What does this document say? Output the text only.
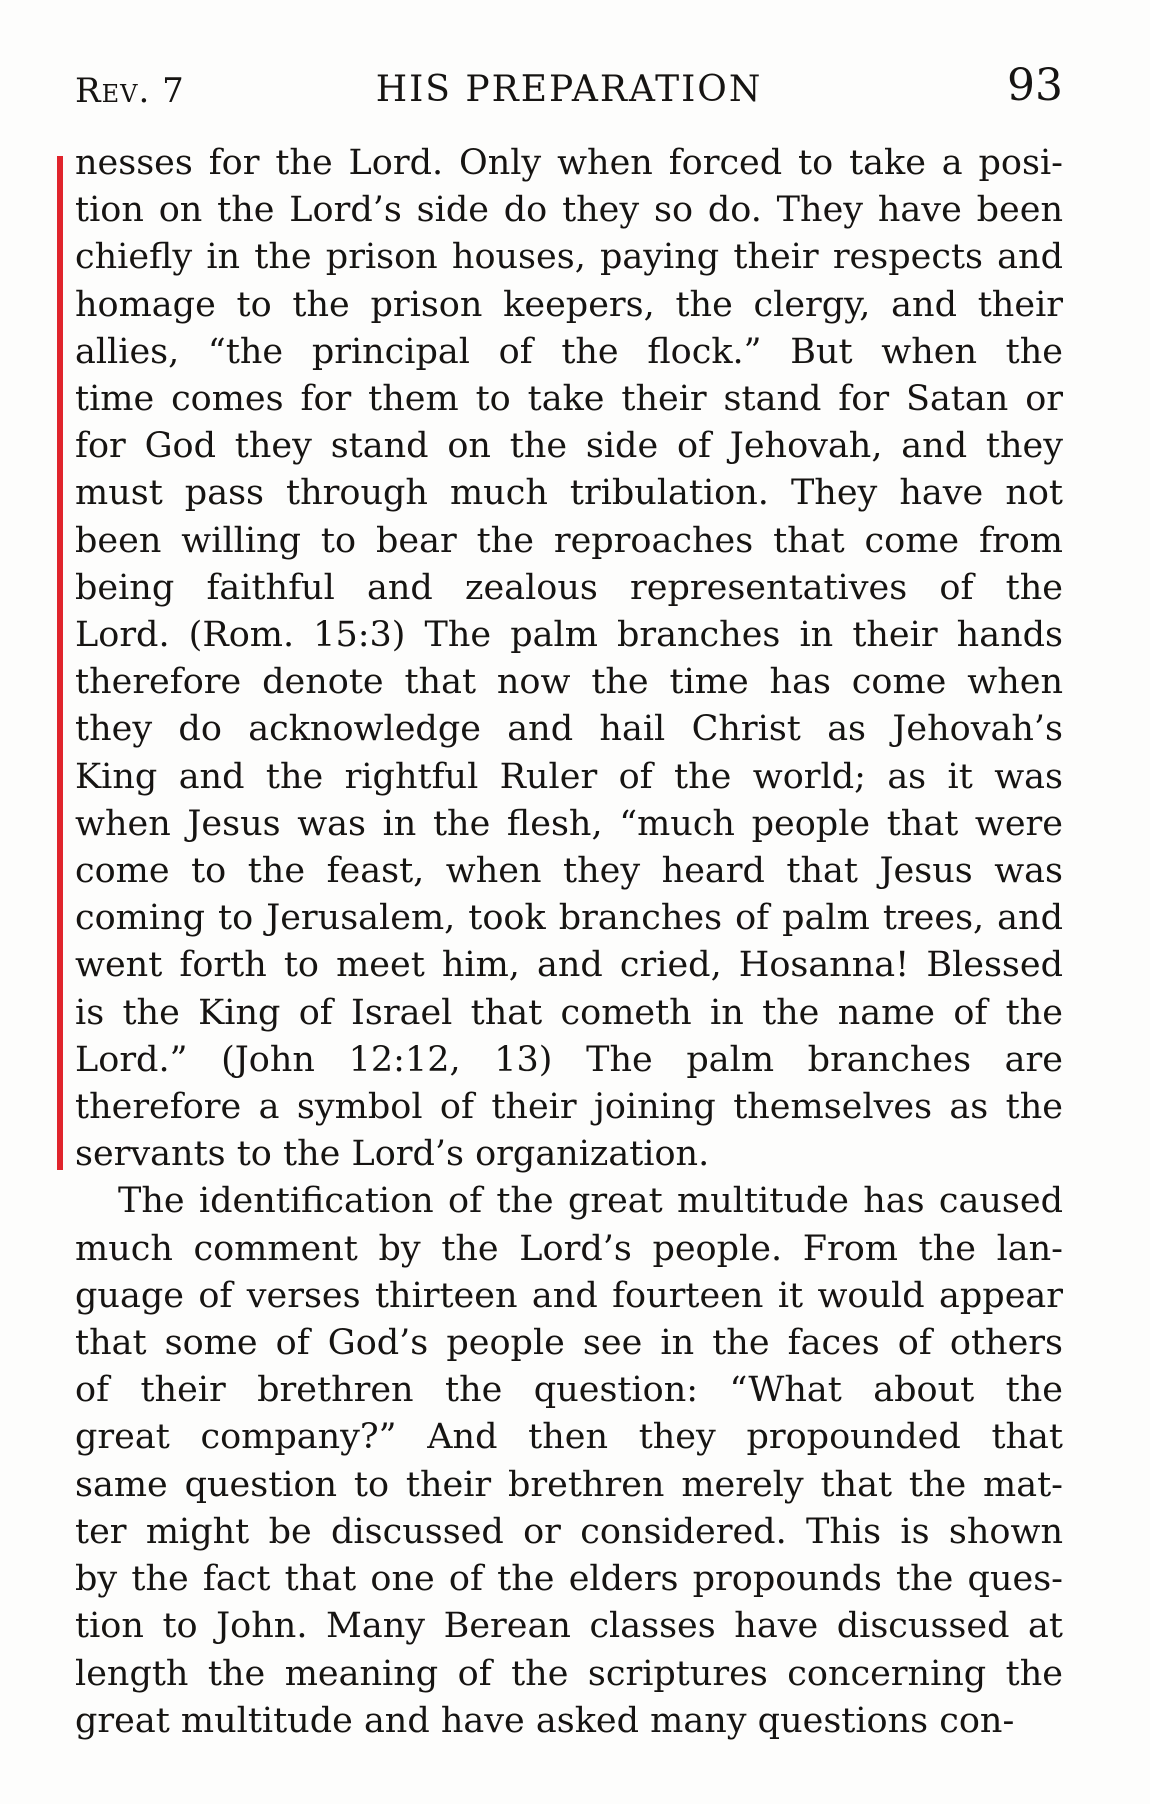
Rev. 7	HIS PREPARATION	93
nesses for the Lord. Only when forced to take a posi-
tion on the Lord’s side do they so do. They have been
chiefly in the prison houses, paying their respects and
homage to the prison keepers, the clergy, and their
allies, “the principal of the flock.” But when the
time comes for them to take their stand for Satan or
for God they stand on the side of Jehovah, and they
must pass through much tribulation. They have not
been willing to bear the reproaches that come from
being faithful and zealous representatives of the
Lord. (Rom. 15:3) The palm branches in their hands
therefore denote that now the time has come when
they do acknowledge and hail Christ as Jehovah’s
King and the rightful Ruler of the world; as it was
when Jesus was in the flesh, “much people that were
come to the feast, when they heard that Jesus was
coming to Jerusalem, took branches of palm trees, and
went forth to meet him, and cried, Hosanna! Blessed
is the King of Israel that cometh in the name of the
Lord.” (John 12:12, 13) The palm branches are
therefore a symbol of their joining themselves as the
servants to the Lord’s organization.
The identification of the great multitude has caused
much comment by the Lord’s people. From the lan-
guage of verses thirteen and fourteen it would appear
that some of God’s people see in the faces of others
of their brethren the question: “What about the
great company?” And then they propounded that
same question to their brethren merely that the mat-
ter might be discussed or considered. This is shown
by the fact that one of the elders propounds the ques-
tion to John. Many Berean classes have discussed at
length the meaning of the scriptures concerning the
great multitude and have asked many questions con-
